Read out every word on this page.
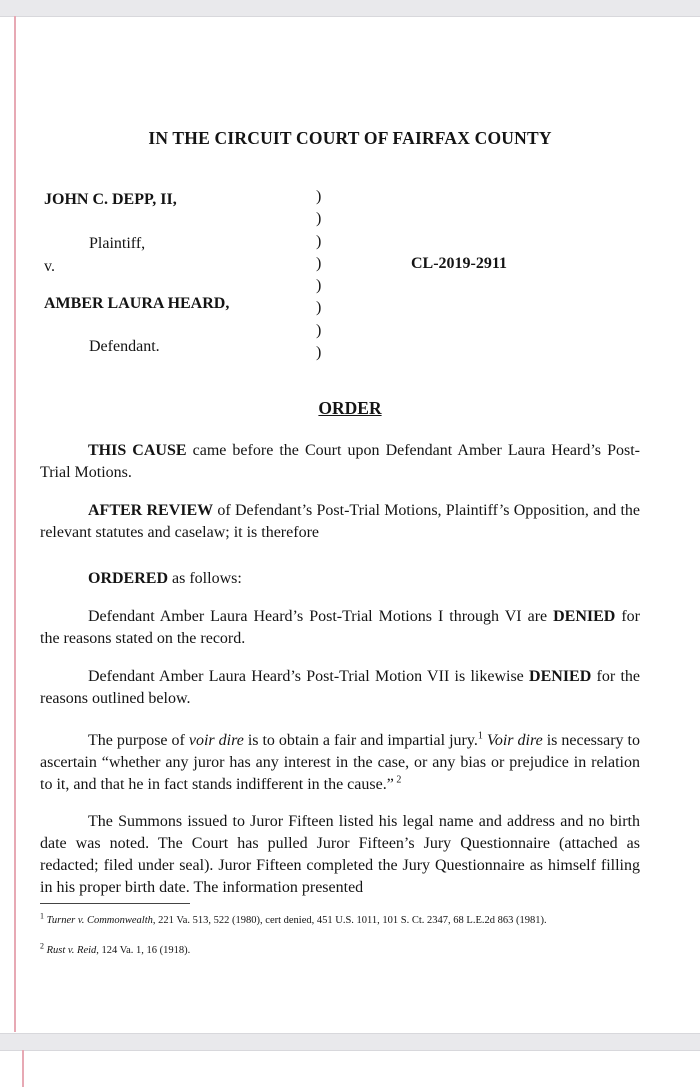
IN THE CIRCUIT COURT OF FAIRFAX COUNTY
JOHN C. DEPP, II,
Plaintiff,
v.
AMBER LAURA HEARD,
Defendant.
)
)
)
)
)
)
)
)
CL-2019-2911
ORDER
THIS CAUSE came before the Court upon Defendant Amber Laura Heard’s Post-Trial Motions.
AFTER REVIEW of Defendant’s Post-Trial Motions, Plaintiff’s Opposition, and the relevant statutes and caselaw; it is therefore
ORDERED as follows:
Defendant Amber Laura Heard’s Post-Trial Motions I through VI are DENIED for the reasons stated on the record.
Defendant Amber Laura Heard’s Post-Trial Motion VII is likewise DENIED for the reasons outlined below.
The purpose of voir dire is to obtain a fair and impartial jury.$^1$ Voir dire is necessary to ascertain “whether any juror has any interest in the case, or any bias or prejudice in relation to it, and that he in fact stands indifferent in the cause.” $^2$
The Summons issued to Juror Fifteen listed his legal name and address and no birth date was noted. The Court has pulled Juror Fifteen’s Jury Questionnaire (attached as redacted; filed under seal). Juror Fifteen completed the Jury Questionnaire as himself filling in his proper birth date. The information presented
$^1$ Turner v. Commonwealth, 221 Va. 513, 522 (1980), cert denied, 451 U.S. 1011, 101 S. Ct. 2347, 68 L.E.2d 863 (1981).
$^2$ Rust v. Reid, 124 Va. 1, 16 (1918).
